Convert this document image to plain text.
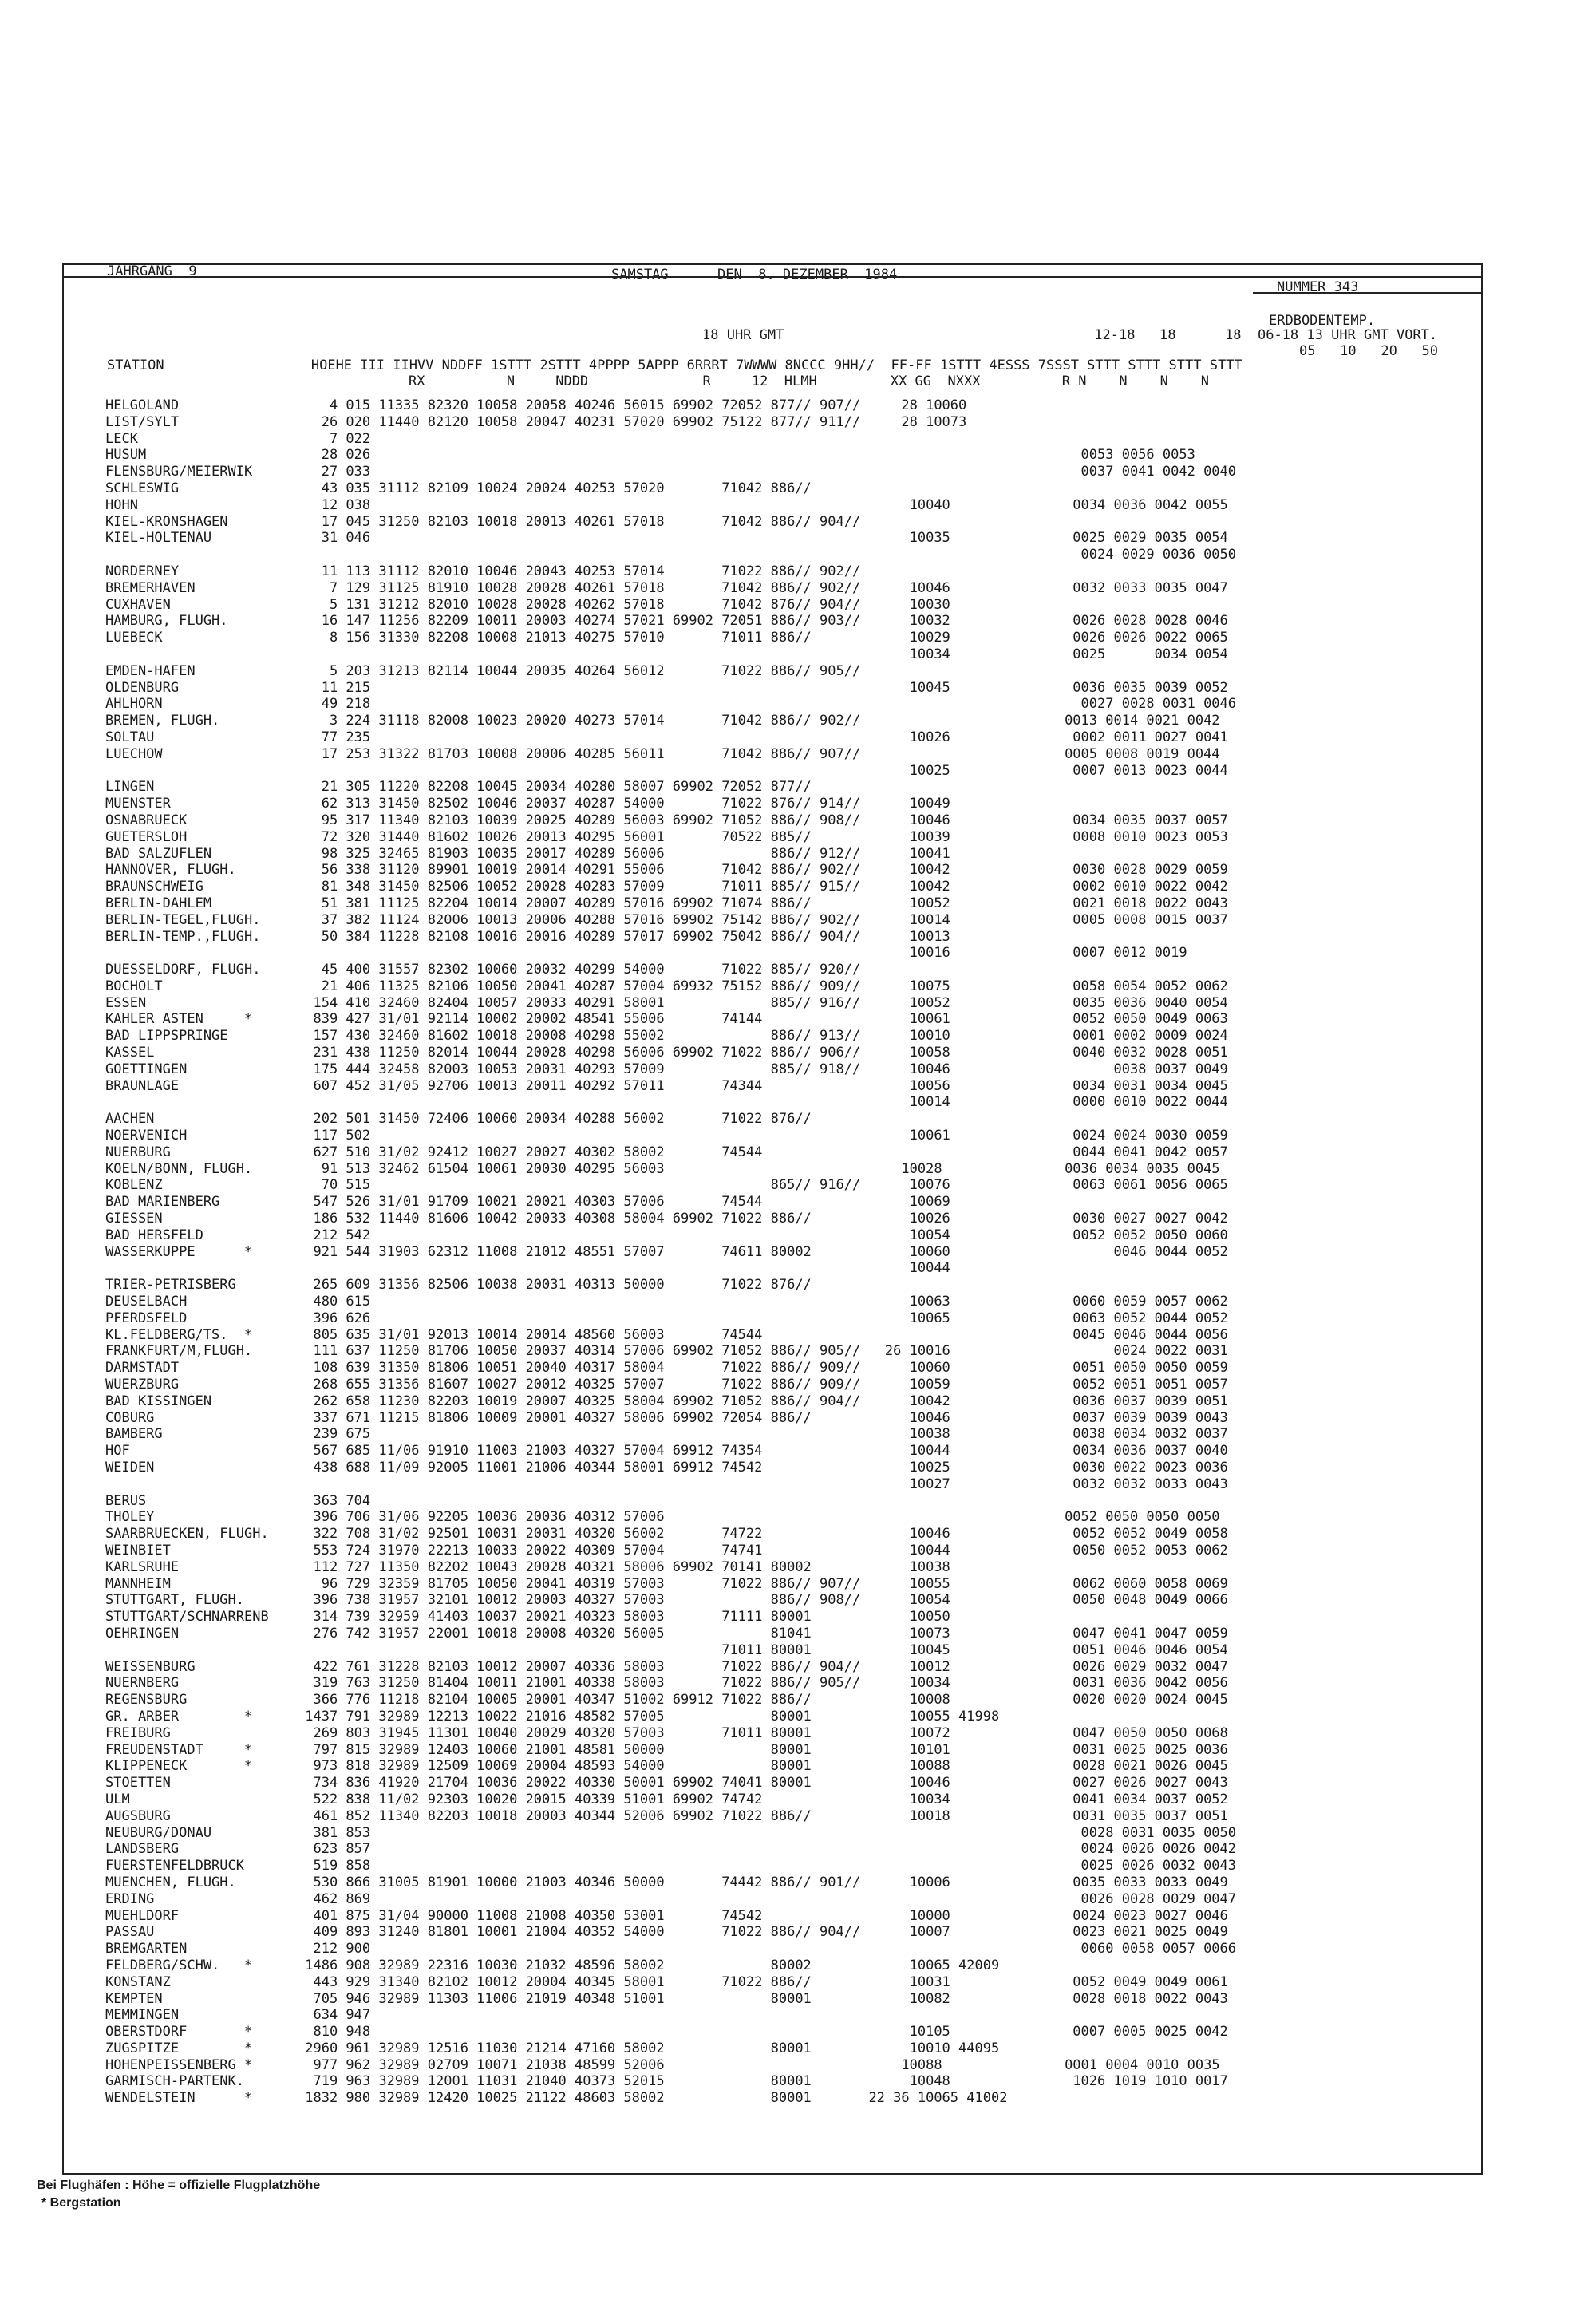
JAHRGANG  9	SAMSTAG      DEN  8. DEZEMBER  1984
NUMMER 343
ERDBODENTEMP.
18 UHR GMT                                      12-18   18      18  06-18 13 UHR GMT VORT.
05   10   20   50
STATION                  HOEHE III IIHVV NDDFF 1STTT 2STTT 4PPPP 5APPP 6RRRT 7WWWW 8NCCC 9HH//  FF-FF 1STTT 4ESSS 7SSST STTT STTT STTT STTT
RX          N     NDDD              R     12  HLMH         XX GG  NXXX          R N    N    N    N
HELGOLAND	4 015 11335 82320 10058 20058 40246 56015 69902 72052 877// 907//     28 10060
LIST/SYLT	26 020 11440 82120 10058 20047 40231 57020 69902 75122 877// 911//     28 10073
LECK	7 022
HUSUM	28 026                                                                                       0053 0056 0053
FLENSBURG/MEIERWIK	27 033                                                                                       0037 0041 0042 0040
SCHLESWIG	43 035 31112 82109 10024 20024 40253 57020       71042 886//
HOHN	12 038                                                                  10040               0034 0036 0042 0055
KIEL-KRONSHAGEN	17 045 31250 82103 10018 20013 40261 57018       71042 886// 904//
KIEL-HOLTENAU	31 046                                                                  10035               0025 0029 0035 0054
0024 0029 0036 0050
NORDERNEY	11 113 31112 82010 10046 20043 40253 57014       71022 886// 902//
BREMERHAVEN	7 129 31125 81910 10028 20028 40261 57018       71042 886// 902//      10046               0032 0033 0035 0047
CUXHAVEN	5 131 31212 82010 10028 20028 40262 57018       71042 876// 904//      10030
HAMBURG, FLUGH.	16 147 11256 82209 10011 20003 40274 57021 69902 72051 886// 903//      10032               0026 0028 0028 0046
LUEBECK	8 156 31330 82208 10008 21013 40275 57010       71011 886//            10029               0026 0026 0022 0065
10034               0025      0034 0054
EMDEN-HAFEN	5 203 31213 82114 10044 20035 40264 56012       71022 886// 905//
OLDENBURG	11 215                                                                  10045               0036 0035 0039 0052
AHLHORN	49 218                                                                                       0027 0028 0031 0046
BREMEN, FLUGH.	3 224 31118 82008 10023 20020 40273 57014       71042 886// 902//                         0013 0014 0021 0042
SOLTAU	77 235                                                                  10026               0002 0011 0027 0041
LUECHOW	17 253 31322 81703 10008 20006 40285 56011       71042 886// 907//                         0005 0008 0019 0044
10025               0007 0013 0023 0044
LINGEN	21 305 11220 82208 10045 20034 40280 58007 69902 72052 877//
MUENSTER	62 313 31450 82502 10046 20037 40287 54000       71022 876// 914//      10049
OSNABRUECK	95 317 11340 82103 10039 20025 40289 56003 69902 71052 886// 908//      10046               0034 0035 0037 0057
GUETERSLOH	72 320 31440 81602 10026 20013 40295 56001       70522 885//            10039               0008 0010 0023 0053
BAD SALZUFLEN	98 325 32465 81903 10035 20017 40289 56006             886// 912//      10041
HANNOVER, FLUGH.	56 338 31120 89901 10019 20014 40291 55006       71042 886// 902//      10042               0030 0028 0029 0059
BRAUNSCHWEIG	81 348 31450 82506 10052 20028 40283 57009       71011 885// 915//      10042               0002 0010 0022 0042
BERLIN-DAHLEM	51 381 11125 82204 10014 20007 40289 57016 69902 71074 886//            10052               0021 0018 0022 0043
BERLIN-TEGEL,FLUGH.	37 382 11124 82006 10013 20006 40288 57016 69902 75142 886// 902//      10014               0005 0008 0015 0037
BERLIN-TEMP.,FLUGH.	50 384 11228 82108 10016 20016 40289 57017 69902 75042 886// 904//      10013
10016               0007 0012 0019
DUESSELDORF, FLUGH.	45 400 31557 82302 10060 20032 40299 54000       71022 885// 920//
BOCHOLT	21 406 11325 82106 10050 20041 40287 57004 69932 75152 886// 909//      10075               0058 0054 0052 0062
ESSEN	154 410 32460 82404 10057 20033 40291 58001             885// 916//      10052               0035 0036 0040 0054
KAHLER ASTEN     *	839 427 31/01 92114 10002 20002 48541 55006       74144                  10061               0052 0050 0049 0063
BAD LIPPSPRINGE	157 430 32460 81602 10018 20008 40298 55002             886// 913//      10010               0001 0002 0009 0024
KASSEL	231 438 11250 82014 10044 20028 40298 56006 69902 71022 886// 906//      10058               0040 0032 0028 0051
GOETTINGEN	175 444 32458 82003 10053 20031 40293 57009             885// 918//      10046                    0038 0037 0049
BRAUNLAGE	607 452 31/05 92706 10013 20011 40292 57011       74344                  10056               0034 0031 0034 0045
10014               0000 0010 0022 0044
AACHEN	202 501 31450 72406 10060 20034 40288 56002       71022 876//
NOERVENICH	117 502                                                                  10061               0024 0024 0030 0059
NUERBURG	627 510 31/02 92412 10027 20027 40302 58002       74544                                      0044 0041 0042 0057
KOELN/BONN, FLUGH.	91 513 32462 61504 10061 20030 40295 56003                             10028               0036 0034 0035 0045
KOBLENZ	70 515                                                 865// 916//      10076               0063 0061 0056 0065
BAD MARIENBERG	547 526 31/01 91709 10021 20021 40303 57006       74544                  10069
GIESSEN	186 532 11440 81606 10042 20033 40308 58004 69902 71022 886//            10026               0030 0027 0027 0042
BAD HERSFELD	212 542                                                                  10054               0052 0052 0050 0060
WASSERKUPPE      *	921 544 31903 62312 11008 21012 48551 57007       74611 80002            10060                    0046 0044 0052
10044
TRIER-PETRISBERG	265 609 31356 82506 10038 20031 40313 50000       71022 876//
DEUSELBACH	480 615                                                                  10063               0060 0059 0057 0062
PFERDSFELD	396 626                                                                  10065               0063 0052 0044 0052
KL.FELDBERG/TS.  *	805 635 31/01 92013 10014 20014 48560 56003       74544                                      0045 0046 0044 0056
FRANKFURT/M,FLUGH.	111 637 11250 81706 10050 20037 40314 57006 69902 71052 886// 905//   26 10016                    0024 0022 0031
DARMSTADT	108 639 31350 81806 10051 20040 40317 58004       71022 886// 909//      10060               0051 0050 0050 0059
WUERZBURG	268 655 31356 81607 10027 20012 40325 57007       71022 886// 909//      10059               0052 0051 0051 0057
BAD KISSINGEN	262 658 11230 82203 10019 20007 40325 58004 69902 71052 886// 904//      10042               0036 0037 0039 0051
COBURG	337 671 11215 81806 10009 20001 40327 58006 69902 72054 886//            10046               0037 0039 0039 0043
BAMBERG	239 675                                                                  10038               0038 0034 0032 0037
HOF	567 685 11/06 91910 11003 21003 40327 57004 69912 74354                  10044               0034 0036 0037 0040
WEIDEN	438 688 11/09 92005 11001 21006 40344 58001 69912 74542                  10025               0030 0022 0023 0036
10027               0032 0032 0033 0043
BERUS	363 704
THOLEY	396 706 31/06 92205 10036 20036 40312 57006                                                 0052 0050 0050 0050
SAARBRUECKEN, FLUGH.  322 708 31/02 92501 10031 20031 40320 56002       74722                  10046               0052 0052 0049 0058
WEINBIET	553 724 31970 22213 10033 20022 40309 57004       74741                  10044               0050 0052 0053 0062
KARLSRUHE	112 727 11350 82202 10043 20028 40321 58006 69902 70141 80002            10038
MANNHEIM	96 729 32359 81705 10050 20041 40319 57003       71022 886// 907//      10055               0062 0060 0058 0069
STUTTGART, FLUGH.	396 738 31957 32101 10012 20003 40327 57003             886// 908//      10054               0050 0048 0049 0066
STUTTGART/SCHNARRENB  314 739 32959 41403 10037 20021 40323 58003       71111 80001            10050
OEHRINGEN	276 742 31957 22001 10018 20008 40320 56005             81041            10073               0047 0041 0047 0059
71011 80001            10045               0051 0046 0046 0054
WEISSENBURG	422 761 31228 82103 10012 20007 40336 58003       71022 886// 904//      10012               0026 0029 0032 0047
NUERNBERG	319 763 31250 81404 10011 21001 40338 58003       71022 886// 905//      10034               0031 0036 0042 0056
REGENSBURG	366 776 11218 82104 10005 20001 40347 51002 69912 71022 886//            10008               0020 0020 0024 0045
GR. ARBER        *	1437 791 32989 12213 10022 21016 48582 57005             80001            10055 41998
FREIBURG	269 803 31945 11301 10040 20029 40320 57003       71011 80001            10072               0047 0050 0050 0068
FREUDENSTADT     *	797 815 32989 12403 10060 21001 48581 50000             80001            10101               0031 0025 0025 0036
KLIPPENECK       *	973 818 32989 12509 10069 20004 48593 54000             80001            10088               0028 0021 0026 0045
STOETTEN	734 836 41920 21704 10036 20022 40330 50001 69902 74041 80001            10046               0027 0026 0027 0043
ULM	522 838 11/02 92303 10020 20015 40339 51001 69902 74742                  10034               0041 0034 0037 0052
AUGSBURG	461 852 11340 82203 10018 20003 40344 52006 69902 71022 886//            10018               0031 0035 0037 0051
NEUBURG/DONAU	381 853                                                                                       0028 0031 0035 0050
LANDSBERG	623 857                                                                                       0024 0026 0026 0042
FUERSTENFELDBRUCK	519 858                                                                                       0025 0026 0032 0043
MUENCHEN, FLUGH.	530 866 31005 81901 10000 21003 40346 50000       74442 886// 901//      10006               0035 0033 0033 0049
ERDING	462 869                                                                                       0026 0028 0029 0047
MUEHLDORF	401 875 31/04 90000 11008 21008 40350 53001       74542                  10000               0024 0023 0027 0046
PASSAU	409 893 31240 81801 10001 21004 40352 54000       71022 886// 904//      10007               0023 0021 0025 0049
BREMGARTEN	212 900                                                                                       0060 0058 0057 0066
FELDBERG/SCHW.   *	1486 908 32989 22316 10030 21032 48596 58002             80002            10065 42009
KONSTANZ	443 929 31340 82102 10012 20004 40345 58001       71022 886//            10031               0052 0049 0049 0061
KEMPTEN	705 946 32989 11303 11006 21019 40348 51001             80001            10082               0028 0018 0022 0043
MEMMINGEN	634 947
OBERSTDORF       *	810 948                                                                  10105               0007 0005 0025 0042
ZUGSPITZE        *	2960 961 32989 12516 11030 21214 47160 58002             80001            10010 44095
HOHENPEISSENBERG *	977 962 32989 02709 10071 21038 48599 52006                             10088               0001 0004 0010 0035
GARMISCH-PARTENK.	719 963 32989 12001 11031 21040 40373 52015             80001            10048               1026 1019 1010 0017
WENDELSTEIN      *	1832 980 32989 12420 10025 21122 48603 58002             80001       22 36 10065 41002
Bei Flughäfen : Höhe = offizielle Flugplatzhöhe
* Bergstation
